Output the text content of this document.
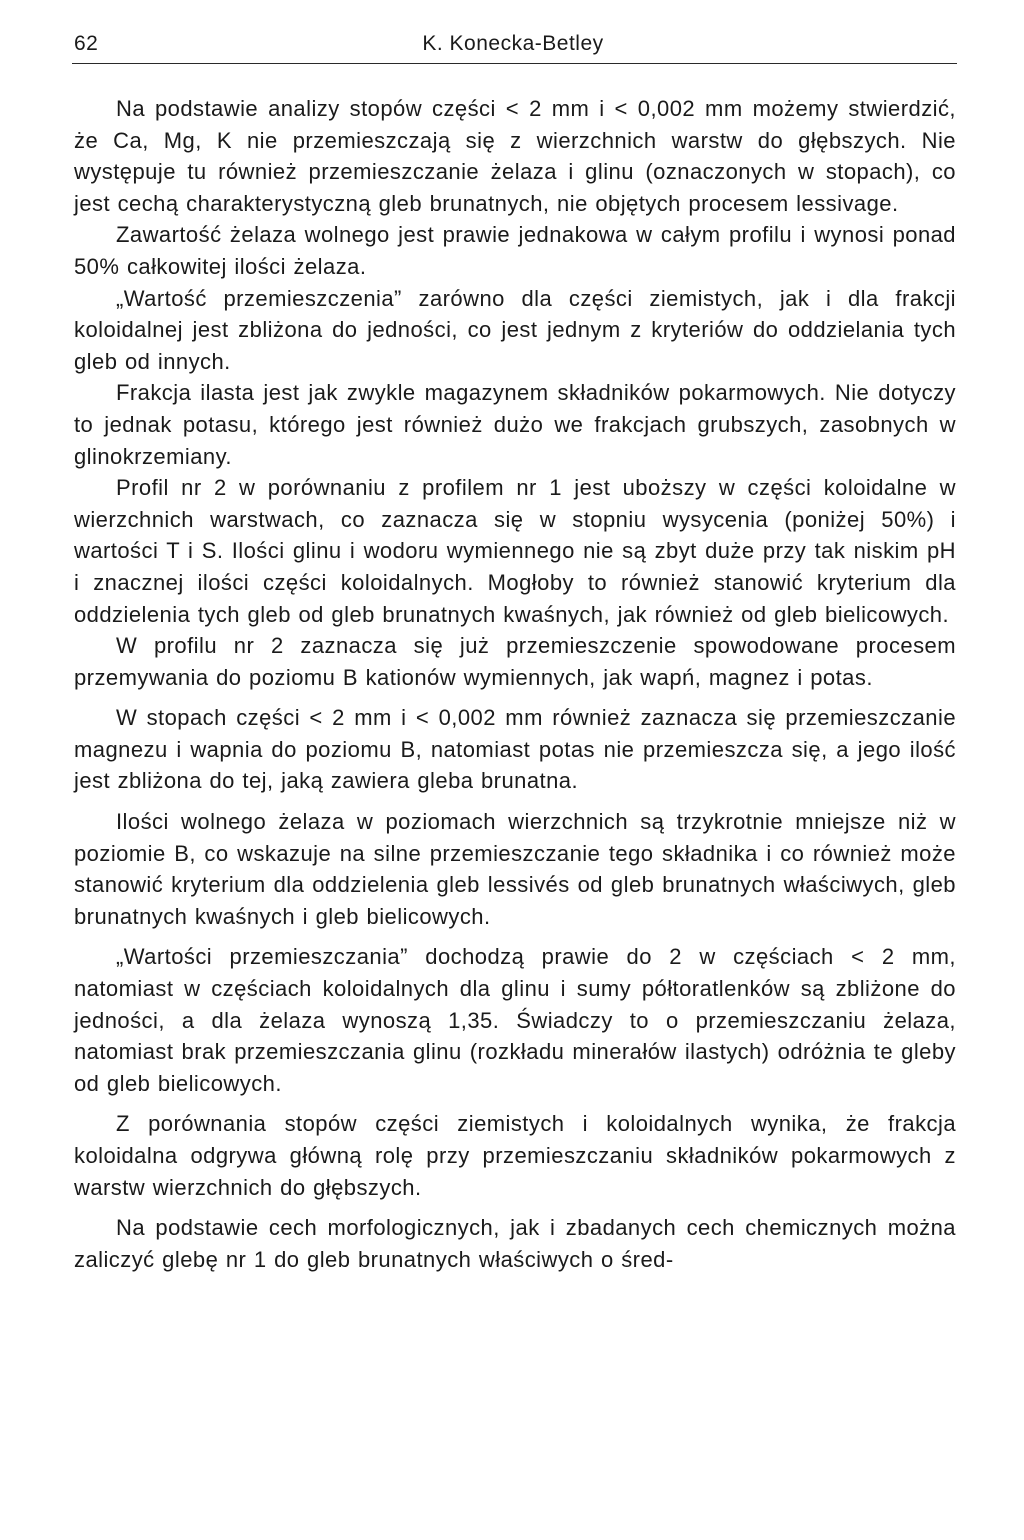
62	K. Konecka-Betley

Na podstawie analizy stopów części < 2 mm i < 0,002 mm możemy stwierdzić, że Ca, Mg, K nie przemieszczają się z wierzchnich warstw do głębszych. Nie występuje tu również przemieszczanie żelaza i glinu (oznaczonych w stopach), co jest cechą charakterystyczną gleb brunatnych, nie objętych procesem lessivage.

Zawartość żelaza wolnego jest prawie jednakowa w całym profilu i wynosi ponad 50% całkowitej ilości żelaza.

„Wartość przemieszczenia” zarówno dla części ziemistych, jak i dla frakcji koloidalnej jest zbliżona do jedności, co jest jednym z kryteriów do oddzielania tych gleb od innych.

Frakcja ilasta jest jak zwykle magazynem składników pokarmowych. Nie dotyczy to jednak potasu, którego jest również dużo we frakcjach grubszych, zasobnych w glinokrzemiany.

Profil nr 2 w porównaniu z profilem nr 1 jest uboższy w części koloidalne w wierzchnich warstwach, co zaznacza się w stopniu wysycenia (poniżej 50%) i wartości T i S. Ilości glinu i wodoru wymiennego nie są zbyt duże przy tak niskim pH i znacznej ilości części koloidalnych. Mogłoby to również stanowić kryterium dla oddzielenia tych gleb od gleb brunatnych kwaśnych, jak również od gleb bielicowych.

W profilu nr 2 zaznacza się już przemieszczenie spowodowane procesem przemywania do poziomu B kationów wymiennych, jak wapń, magnez i potas.

W stopach części < 2 mm i < 0,002 mm również zaznacza się przemieszczanie magnezu i wapnia do poziomu B, natomiast potas nie przemieszcza się, a jego ilość jest zbliżona do tej, jaką zawiera gleba brunatna.

Ilości wolnego żelaza w poziomach wierzchnich są trzykrotnie mniejsze niż w poziomie B, co wskazuje na silne przemieszczanie tego składnika i co również może stanowić kryterium dla oddzielenia gleb lessivés od gleb brunatnych właściwych, gleb brunatnych kwaśnych i gleb bielicowych.

„Wartości przemieszczania” dochodzą prawie do 2 w częściach < 2 mm, natomiast w częściach koloidalnych dla glinu i sumy półtoratlenków są zbliżone do jedności, a dla żelaza wynoszą 1,35. Świadczy to o przemieszczaniu żelaza, natomiast brak przemieszczania glinu (rozkładu minerałów ilastych) odróżnia te gleby od gleb bielicowych.

Z porównania stopów części ziemistych i koloidalnych wynika, że frakcja koloidalna odgrywa główną rolę przy przemieszczaniu składników pokarmowych z warstw wierzchnich do głębszych.

Na podstawie cech morfologicznych, jak i zbadanych cech chemicznych można zaliczyć glebę nr 1 do gleb brunatnych właściwych o śred-
